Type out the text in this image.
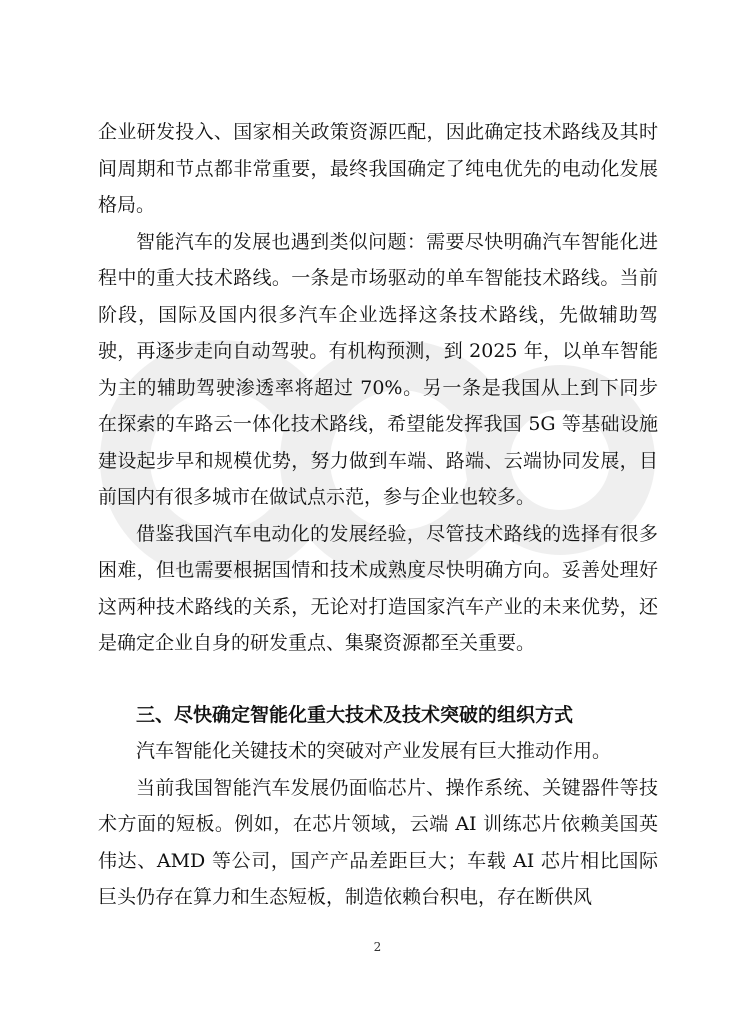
企业研发投入、国家相关政策资源匹配，因此确定技术路线及其时间周期和节点都非常重要，最终我国确定了纯电优先的电动化发展格局。

智能汽车的发展也遇到类似问题：需要尽快明确汽车智能化进程中的重大技术路线。一条是市场驱动的单车智能技术路线。当前阶段，国际及国内很多汽车企业选择这条技术路线，先做辅助驾驶，再逐步走向自动驾驶。有机构预测，到 2025 年，以单车智能为主的辅助驾驶渗透率将超过 70%。另一条是我国从上到下同步在探索的车路云一体化技术路线，希望能发挥我国 5G 等基础设施建设起步早和规模优势，努力做到车端、路端、云端协同发展，目前国内有很多城市在做试点示范，参与企业也较多。

借鉴我国汽车电动化的发展经验，尽管技术路线的选择有很多困难，但也需要根据国情和技术成熟度尽快明确方向。妥善处理好这两种技术路线的关系，无论对打造国家汽车产业的未来优势，还是确定企业自身的研发重点、集聚资源都至关重要。

三、尽快确定智能化重大技术及技术突破的组织方式

汽车智能化关键技术的突破对产业发展有巨大推动作用。

当前我国智能汽车发展仍面临芯片、操作系统、关键器件等技术方面的短板。例如，在芯片领域，云端 AI 训练芯片依赖美国英伟达、AMD 等公司，国产产品差距巨大；车载 AI 芯片相比国际巨头仍存在算力和生态短板，制造依赖台积电，存在断供风

2
